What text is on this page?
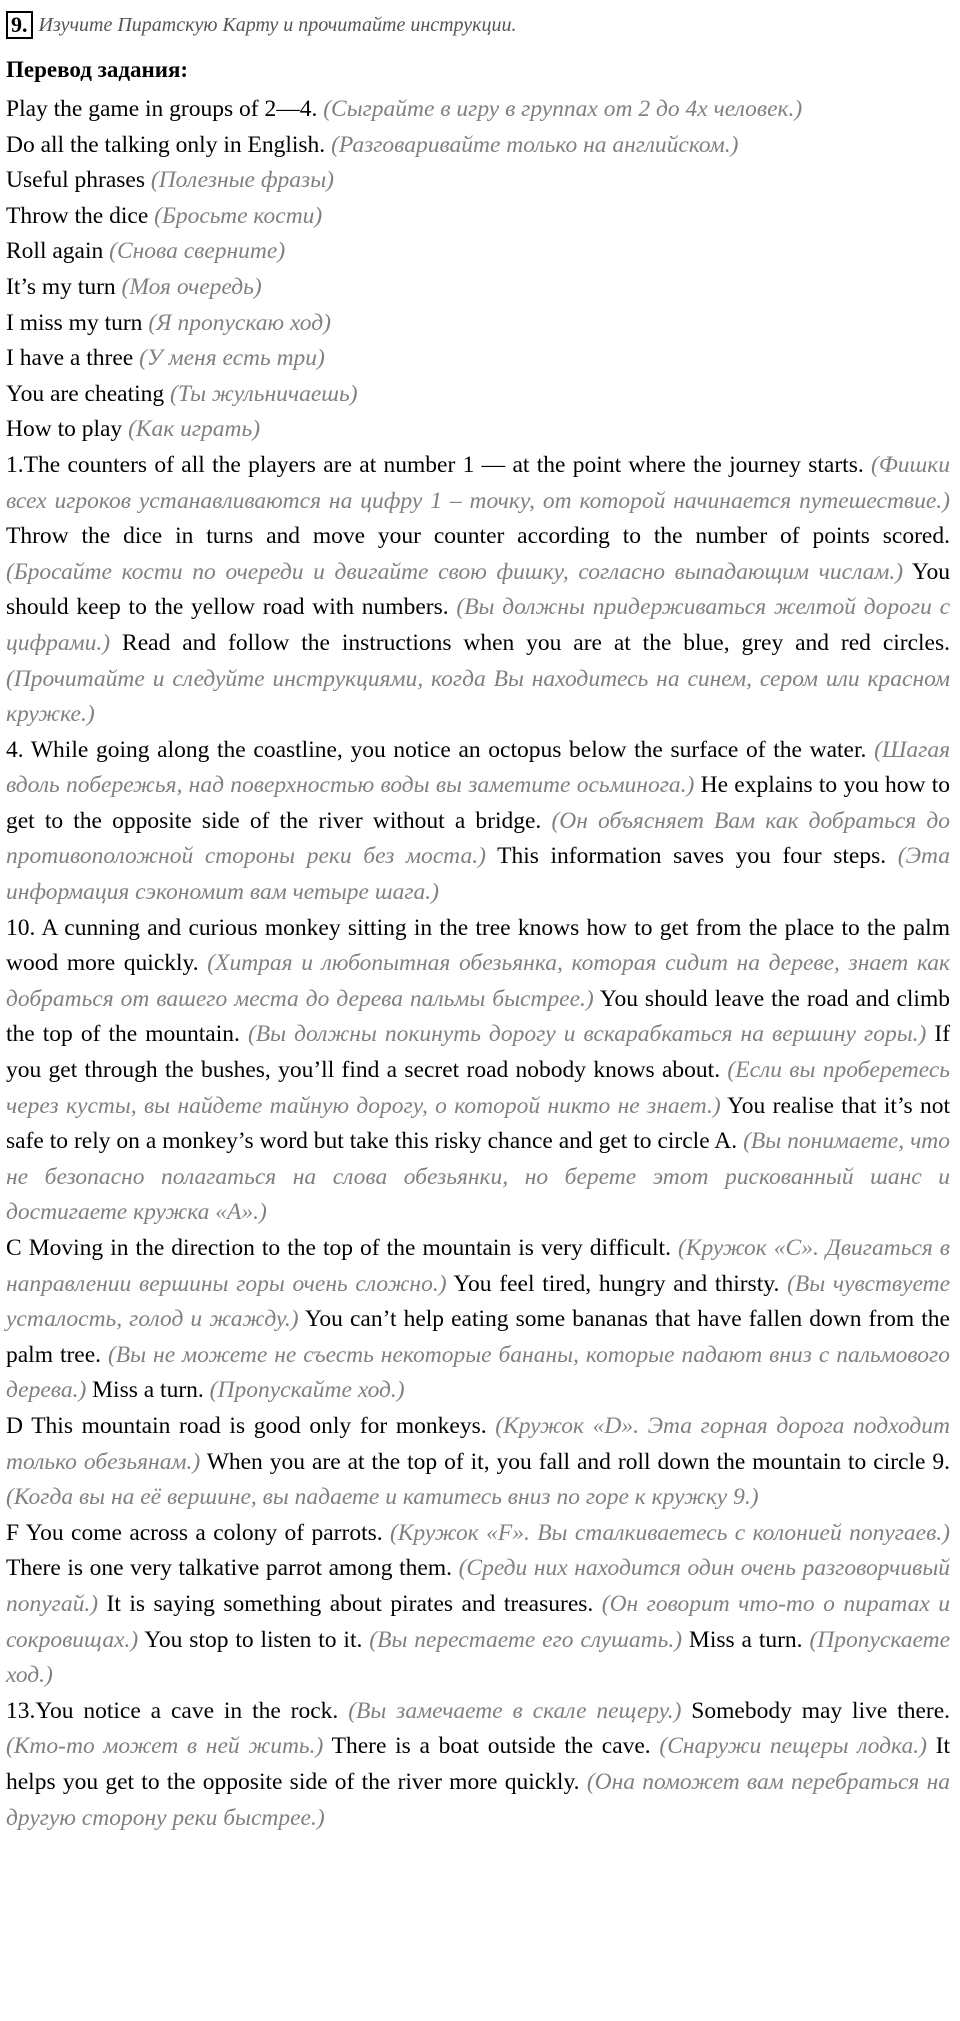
9. Изучите Пиратскую Карту и прочитайте инструкции.
Перевод задания:
Play the game in groups of 2—4. (Сыграйте в игру в группах от 2 до 4х человек.)
Do all the talking only in English. (Разговаривайте только на английском.)
Useful phrases (Полезные фразы)
Throw the dice (Бросьте кости)
Roll again (Снова сверните)
It’s my turn (Моя очередь)
I miss my turn (Я пропускаю ход)
I have a three (У меня есть три)
You are cheating (Ты жульничаешь)
How to play (Как играть)
1.The counters of all the players are at number 1 — at the point where the journey starts. (Фишки всех игроков устанавливаются на цифру 1 – точку, от которой начинается путешествие.) Throw the dice in turns and move your counter according to the number of points scored. (Бросайте кости по очереди и двигайте свою фишку, согласно выпадающим числам.) You should keep to the yellow road with numbers. (Вы должны придерживаться желтой дороги с цифрами.) Read and follow the instructions when you are at the blue, grey and red circles. (Прочитайте и следуйте инструкциями, когда Вы находитесь на синем, сером или красном кружке.)
4. While going along the coastline, you notice an octopus below the surface of the water. (Шагая вдоль побережья, над поверхностью воды вы заметите осьминога.) He explains to you how to get to the opposite side of the river without a bridge. (Он объясняет Вам как добраться до противоположной стороны реки без моста.) This information saves you four steps. (Эта информация сэкономит вам четыре шага.)
10. A cunning and curious monkey sitting in the tree knows how to get from the place to the palm wood more quickly. (Хитрая и любопытная обезьянка, которая сидит на дереве, знает как добраться от вашего места до дерева пальмы быстрее.) You should leave the road and climb the top of the mountain. (Вы должны покинуть дорогу и вскарабкаться на вершину горы.) If you get through the bushes, you’ll find a secret road nobody knows about. (Если вы проберетесь через кусты, вы найдете тайную дорогу, о которой никто не знает.) You realise that it’s not safe to rely on a monkey’s word but take this risky chance and get to circle A. (Вы понимаете, что не безопасно полагаться на слова обезьянки, но берете этот рискованный шанс и достигаете кружка «А».)
C Moving in the direction to the top of the mountain is very difficult. (Кружок «С». Двигаться в направлении вершины горы очень сложно.) You feel tired, hungry and thirsty. (Вы чувствуете усталость, голод и жажду.) You can’t help eating some bananas that have fallen down from the palm tree. (Вы не можете не съесть некоторые бананы, которые падают вниз с пальмового дерева.) Miss a turn. (Пропускайте ход.)
D This mountain road is good only for monkeys. (Кружок «D». Эта горная дорога подходит только обезьянам.) When you are at the top of it, you fall and roll down the mountain to circle 9. (Когда вы на её вершине, вы падаете и катитесь вниз по горе к кружку 9.)
F You come across a colony of parrots. (Кружок «F». Вы сталкиваетесь с колонией попугаев.) There is one very talkative parrot among them. (Среди них находится один очень разговорчивый попугай.) It is saying something about pirates and treasures. (Он говорит что-то о пиратах и сокровищах.) You stop to listen to it. (Вы перестаете его слушать.) Miss a turn. (Пропускаете ход.)
13.You notice a cave in the rock. (Вы замечаете в скале пещеру.) Somebody may live there. (Кто-то может в ней жить.) There is a boat outside the cave. (Снаружи пещеры лодка.) It helps you get to the opposite side of the river more quickly. (Она поможет вам перебраться на другую сторону реки быстрее.)
